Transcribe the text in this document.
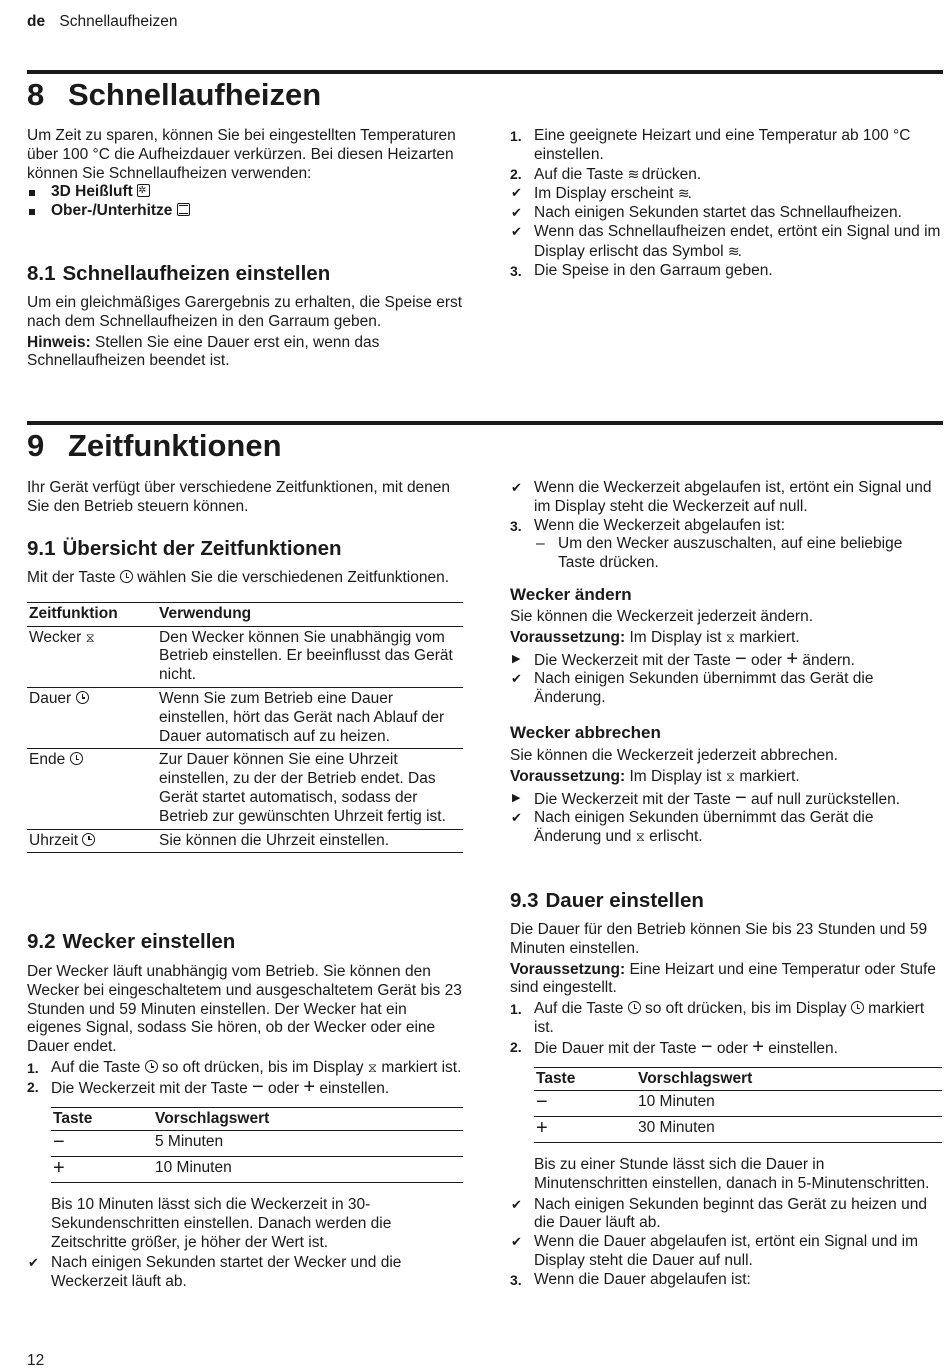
de Schnellaufheizen
8 Schnellaufheizen

Um Zeit zu sparen, können Sie bei eingestellten Temperaturen über 100 °C die Aufheizdauer verkürzen. Bei diesen Heizarten können Sie Schnellaufheizen verwenden:

3D Heißluft ✲
Ober-/Unterhitze
8.1 Schnellaufheizen einstellen

Um ein gleichmäßiges Garergebnis zu erhalten, die Speise erst nach dem Schnellaufheizen in den Garraum geben.

Hinweis: Stellen Sie eine Dauer erst ein, wenn das Schnellaufheizen beendet ist.

1. Eine geeignete Heizart und eine Temperatur ab 100 °C einstellen.
2. Auf die Taste ≋ drücken.
✔ Im Display erscheint ≋.
✔ Nach einigen Sekunden startet das Schnellaufheizen.
✔ Wenn das Schnellaufheizen endet, ertönt ein Signal und im Display erlischt das Symbol ≋.
3. Die Speise in den Garraum geben.
9 Zeitfunktionen

Ihr Gerät verfügt über verschiedene Zeitfunktionen, mit denen Sie den Betrieb steuern können.

9.1 Übersicht der Zeitfunktionen

Mit der Taste wählen Sie die verschiedenen Zeitfunktionen.

Zeitfunktion	Verwendung
Wecker ⧖	Den Wecker können Sie unabhängig vom Betrieb einstellen. Er beeinflusst das Gerät nicht.
Dauer	Wenn Sie zum Betrieb eine Dauer einstellen, hört das Gerät nach Ablauf der Dauer automatisch auf zu heizen.
Ende	Zur Dauer können Sie eine Uhrzeit einstellen, zu der der Betrieb endet. Das Gerät startet automatisch, sodass der Betrieb zur gewünschten Uhrzeit fertig ist.
Uhrzeit	Sie können die Uhrzeit einstellen.
9.2 Wecker einstellen

Der Wecker läuft unabhängig vom Betrieb. Sie können den Wecker bei eingeschaltetem und ausgeschaltetem Gerät bis 23 Stunden und 59 Minuten einstellen. Der Wecker hat ein eigenes Signal, sodass Sie hören, ob der Wecker oder eine Dauer endet.

1. Auf die Taste so oft drücken, bis im Display ⧖ markiert ist.
2. Die Weckerzeit mit der Taste − oder + einstellen.
Taste	Vorschlagswert
−	5 Minuten
+	10 Minuten

Bis 10 Minuten lässt sich die Weckerzeit in 30-Sekundenschritten einstellen. Danach werden die Zeitschritte größer, je höher der Wert ist.

✔ Nach einigen Sekunden startet der Wecker und die Weckerzeit läuft ab.
✔ Wenn die Weckerzeit abgelaufen ist, ertönt ein Signal und im Display steht die Weckerzeit auf null.
3. Wenn die Weckerzeit abgelaufen ist:
– Um den Wecker auszuschalten, auf eine beliebige Taste drücken.
Wecker ändern

Sie können die Weckerzeit jederzeit ändern.

Voraussetzung: Im Display ist ⧖ markiert.

▶ Die Weckerzeit mit der Taste − oder + ändern.
✔ Nach einigen Sekunden übernimmt das Gerät die Änderung.
Wecker abbrechen

Sie können die Weckerzeit jederzeit abbrechen.

Voraussetzung: Im Display ist ⧖ markiert.

▶ Die Weckerzeit mit der Taste − auf null zurückstellen.
✔ Nach einigen Sekunden übernimmt das Gerät die Änderung und ⧖ erlischt.
9.3 Dauer einstellen

Die Dauer für den Betrieb können Sie bis 23 Stunden und 59 Minuten einstellen.

Voraussetzung: Eine Heizart und eine Temperatur oder Stufe sind eingestellt.

1. Auf die Taste so oft drücken, bis im Display markiert ist.
2. Die Dauer mit der Taste − oder + einstellen.
Taste	Vorschlagswert
−	10 Minuten
+	30 Minuten

Bis zu einer Stunde lässt sich die Dauer in Minutenschritten einstellen, danach in 5-Minutenschritten.

✔ Nach einigen Sekunden beginnt das Gerät zu heizen und die Dauer läuft ab.
✔ Wenn die Dauer abgelaufen ist, ertönt ein Signal und im Display steht die Dauer auf null.
3. Wenn die Dauer abgelaufen ist:
12
